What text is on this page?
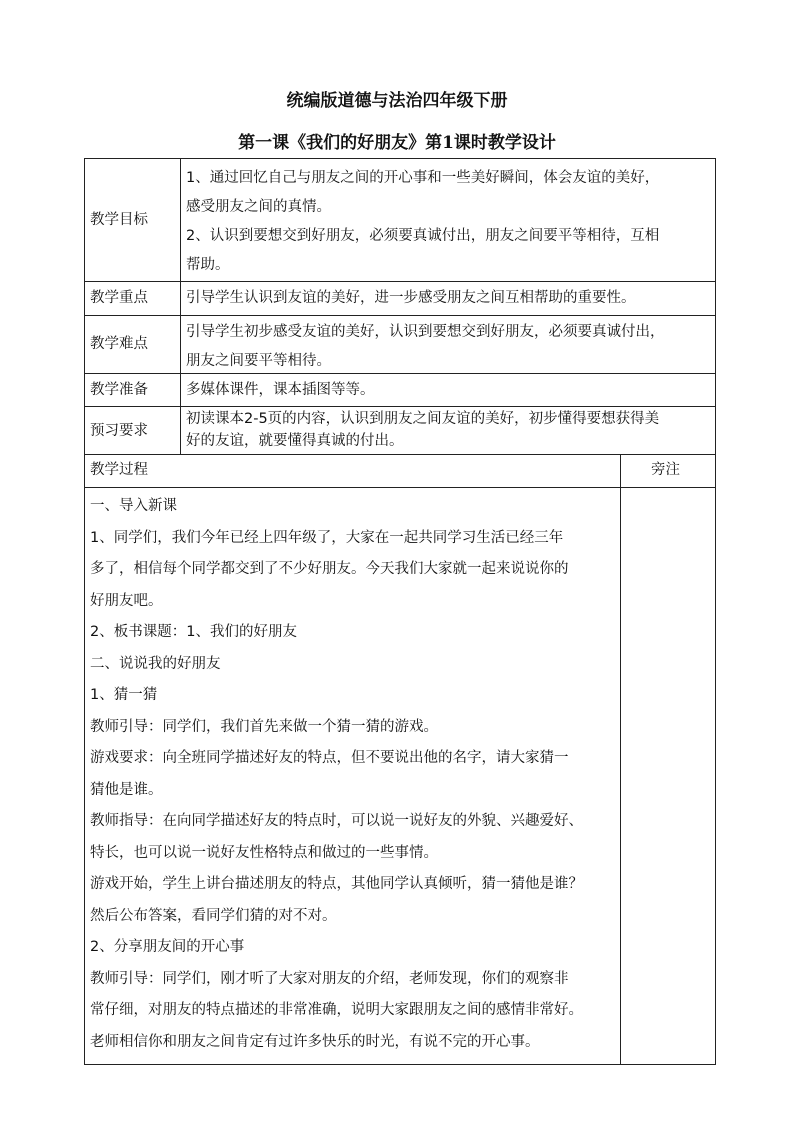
统编版道德与法治四年级下册
第一课《我们的好朋友》第1课时教学设计
教学目标
教学重点
教学难点
教学准备
预习要求
1、通过回忆自己与朋友之间的开心事和一些美好瞬间，体会友谊的美好，
感受朋友之间的真情。
2、认识到要想交到好朋友，必须要真诚付出，朋友之间要平等相待，互相
帮助。
引导学生认识到友谊的美好，进一步感受朋友之间互相帮助的重要性。
引导学生初步感受友谊的美好，认识到要想交到好朋友，必须要真诚付出，
朋友之间要平等相待。
多媒体课件，课本插图等等。
初读课本2-5页的内容，认识到朋友之间友谊的美好，初步懂得要想获得美
好的友谊，就要懂得真诚的付出。
教学过程	旁注
一、导入新课
1、同学们，我们今年已经上四年级了，大家在一起共同学习生活已经三年
多了，相信每个同学都交到了不少好朋友。今天我们大家就一起来说说你的
好朋友吧。
2、板书课题：1、我们的好朋友
二、说说我的好朋友
1、猜一猜
教师引导：同学们，我们首先来做一个猜一猜的游戏。
游戏要求：向全班同学描述好友的特点，但不要说出他的名字，请大家猜一
猜他是谁。
教师指导：在向同学描述好友的特点时，可以说一说好友的外貌、兴趣爱好、
特长，也可以说一说好友性格特点和做过的一些事情。
游戏开始，学生上讲台描述朋友的特点，其他同学认真倾听，猜一猜他是谁？
然后公布答案，看同学们猜的对不对。
2、分享朋友间的开心事
教师引导：同学们，刚才听了大家对朋友的介绍，老师发现，你们的观察非
常仔细，对朋友的特点描述的非常准确，说明大家跟朋友之间的感情非常好。
老师相信你和朋友之间肯定有过许多快乐的时光，有说不完的开心事。
